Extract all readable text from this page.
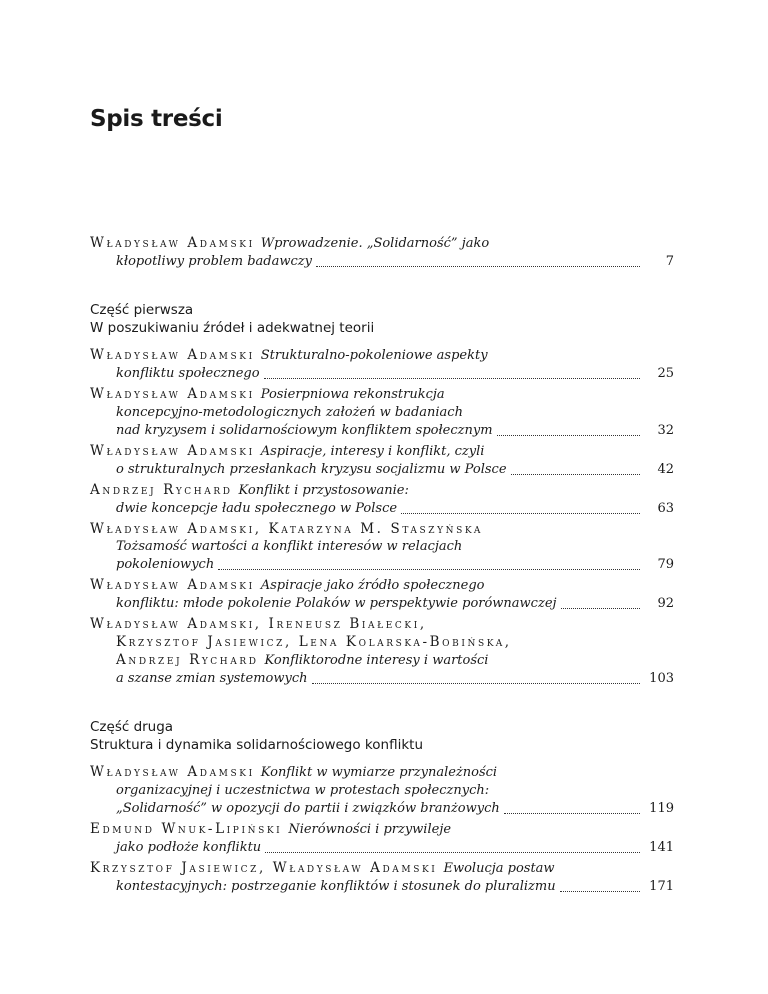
Spis treści
Władysław Adamski Wprowadzenie. „Solidarność” jako
kłopotliwy problem badawczy	7
Część pierwsza
W poszukiwaniu źródeł i adekwatnej teorii
Władysław Adamski Strukturalno-pokoleniowe aspekty
konfliktu społecznego	25
Władysław Adamski Posierpniowa rekonstrukcja
koncepcyjno-metodologicznych założeń w badaniach
nad kryzysem i solidarnościowym konfliktem społecznym	32
Władysław Adamski Aspiracje, interesy i konflikt, czyli
o strukturalnych przesłankach kryzysu socjalizmu w Polsce	42
Andrzej Rychard Konflikt i przystosowanie:
dwie koncepcje ładu społecznego w Polsce	63
Władysław Adamski, Katarzyna M. Staszyńska
Tożsamość wartości a konflikt interesów w relacjach
pokoleniowych	79
Władysław Adamski Aspiracje jako źródło społecznego
konfliktu: młode pokolenie Polaków w perspektywie porównawczej	92
Władysław Adamski, Ireneusz Białecki,
Krzysztof Jasiewicz, Lena Kolarska-Bobińska,
Andrzej Rychard Konfliktorodne interesy i wartości
a szanse zmian systemowych	103
Część druga
Struktura i dynamika solidarnościowego konfliktu
Władysław Adamski Konflikt w wymiarze przynależności
organizacyjnej i uczestnictwa w protestach społecznych:
„Solidarność” w opozycji do partii i związków branżowych	119
Edmund Wnuk-Lipiński Nierówności i przywileje
jako podłoże konfliktu	141
Krzysztof Jasiewicz, Władysław Adamski Ewolucja postaw
kontestacyjnych: postrzeganie konfliktów i stosunek do pluralizmu	171
